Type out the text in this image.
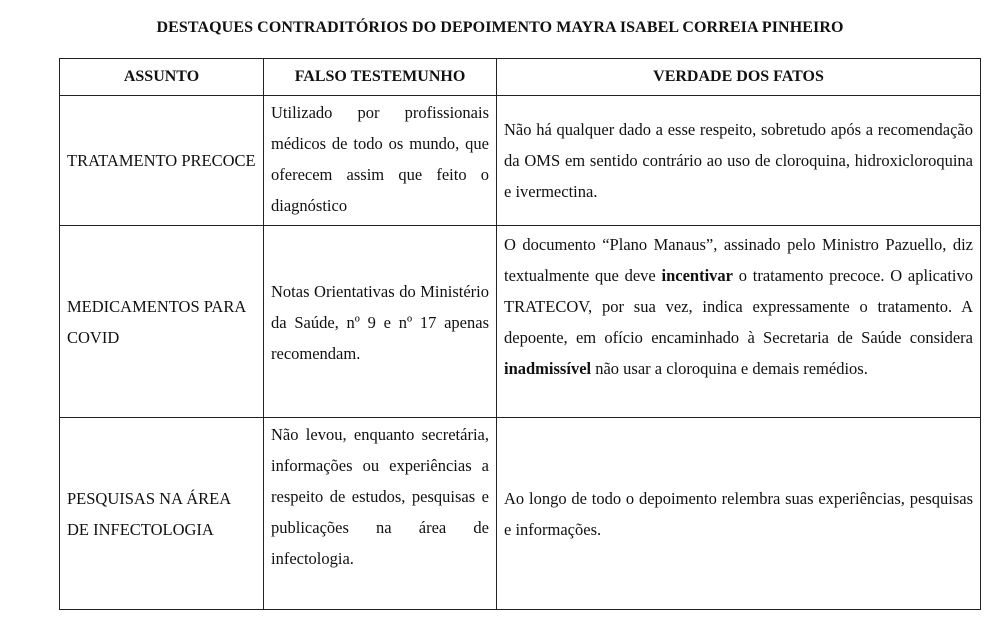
DESTAQUES CONTRADITÓRIOS DO DEPOIMENTO MAYRA ISABEL CORREIA PINHEIRO
ASSUNTO	FALSO TESTEMUNHO	VERDADE DOS FATOS
TRATAMENTO PRECOCE	Utilizado por profissionais médicos de todo os mundo, que oferecem assim que feito o diagnóstico	Não há qualquer dado a esse respeito, sobretudo após a recomendação da OMS em sentido contrário ao uso de cloroquina, hidroxicloroquina e ivermectina.
MEDICAMENTOS PARA COVID	Notas Orientativas do Ministério da Saúde, nº 9 e nº 17 apenas recomendam.	O documento “Plano Manaus”, assinado pelo Ministro Pazuello, diz textualmente que deve incentivar o tratamento precoce. O aplicativo TRATECOV, por sua vez, indica expressamente o tratamento. A depoente, em ofício encaminhado à Secretaria de Saúde considera inadmissível não usar a cloroquina e demais remédios.
PESQUISAS NA ÁREA DE INFECTOLOGIA	Não levou, enquanto secretária, informações ou experiências a respeito de estudos, pesquisas e publicações na área de infectologia.	Ao longo de todo o depoimento relembra suas experiências, pesquisas e informações.
